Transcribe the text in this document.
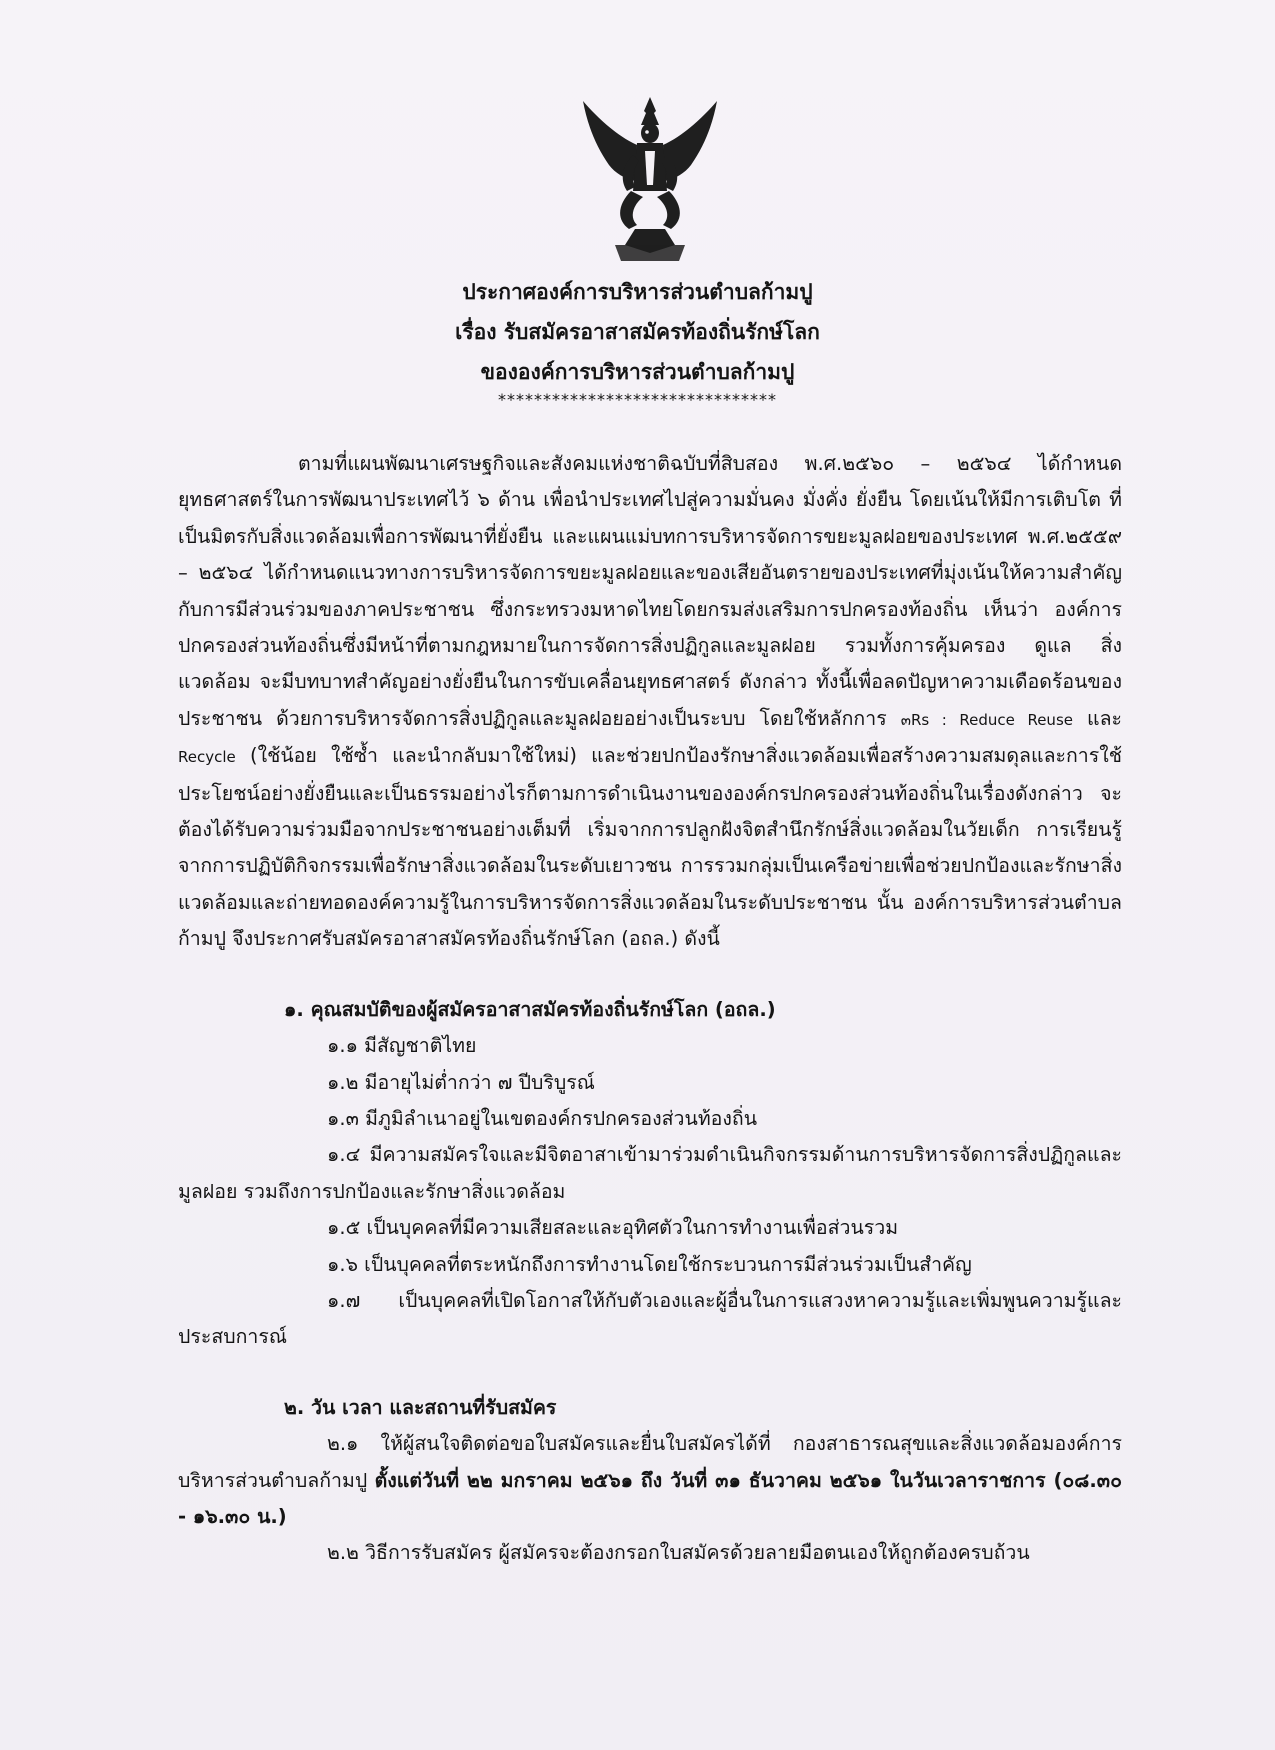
ประกาศองค์การบริหารส่วนตำบลก้ามปู
เรื่อง รับสมัครอาสาสมัครท้องถิ่นรักษ์โลก
ขององค์การบริหารส่วนตำบลก้ามปู
*******************************

ตามที่แผนพัฒนาเศรษฐกิจและสังคมแห่งชาติฉบับที่สิบสอง พ.ศ.๒๕๖๐ – ๒๕๖๔ ได้กำหนดยุทธศาสตร์ในการพัฒนาประเทศไว้ ๖ ด้าน เพื่อนำประเทศไปสู่ความมั่นคง มั่งคั่ง ยั่งยืน โดยเน้นให้มีการเติบโต ที่เป็นมิตรกับสิ่งแวดล้อมเพื่อการพัฒนาที่ยั่งยืน และแผนแม่บทการบริหารจัดการขยะมูลฝอยของประเทศ พ.ศ.๒๕๕๙ – ๒๕๖๔ ได้กำหนดแนวทางการบริหารจัดการขยะมูลฝอยและของเสียอันตรายของประเทศที่มุ่งเน้นให้ความสำคัญกับการมีส่วนร่วมของภาคประชาชน ซึ่งกระทรวงมหาดไทยโดยกรมส่งเสริมการปกครองท้องถิ่น เห็นว่า องค์การปกครองส่วนท้องถิ่นซึ่งมีหน้าที่ตามกฎหมายในการจัดการสิ่งปฏิกูลและมูลฝอย รวมทั้งการคุ้มครอง ดูแล สิ่งแวดล้อม จะมีบทบาทสำคัญอย่างยั่งยืนในการขับเคลื่อนยุทธศาสตร์ ดังกล่าว ทั้งนี้เพื่อลดปัญหาความเดือดร้อนของประชาชน ด้วยการบริหารจัดการสิ่งปฏิกูลและมูลฝอยอย่างเป็นระบบ โดยใช้หลักการ ๓Rs : Reduce Reuse และ Recycle (ใช้น้อย ใช้ซ้ำ และนำกลับมาใช้ใหม่) และช่วยปกป้องรักษาสิ่งแวดล้อมเพื่อสร้างความสมดุลและการใช้ประโยชน์อย่างยั่งยืนและเป็นธรรมอย่างไรก็ตามการดำเนินงานขององค์กรปกครองส่วนท้องถิ่นในเรื่องดังกล่าว จะต้องได้รับความร่วมมือจากประชาชนอย่างเต็มที่ เริ่มจากการปลูกฝังจิตสำนึกรักษ์สิ่งแวดล้อมในวัยเด็ก การเรียนรู้จากการปฏิบัติกิจกรรมเพื่อรักษาสิ่งแวดล้อมในระดับเยาวชน การรวมกลุ่มเป็นเครือข่ายเพื่อช่วยปกป้องและรักษาสิ่งแวดล้อมและถ่ายทอดองค์ความรู้ในการบริหารจัดการสิ่งแวดล้อมในระดับประชาชน นั้น องค์การบริหารส่วนตำบลก้ามปู จึงประกาศรับสมัครอาสาสมัครท้องถิ่นรักษ์โลก (อถล.) ดังนี้

๑. คุณสมบัติของผู้สมัครอาสาสมัครท้องถิ่นรักษ์โลก (อถล.)

๑.๑ มีสัญชาติไทย

๑.๒ มีอายุไม่ต่ำกว่า ๗ ปีบริบูรณ์

๑.๓ มีภูมิลำเนาอยู่ในเขตองค์กรปกครองส่วนท้องถิ่น

๑.๔ มีความสมัครใจและมีจิตอาสาเข้ามาร่วมดำเนินกิจกรรมด้านการบริหารจัดการสิ่งปฏิกูลและมูลฝอย รวมถึงการปกป้องและรักษาสิ่งแวดล้อม

๑.๕ เป็นบุคคลที่มีความเสียสละและอุทิศตัวในการทำงานเพื่อส่วนรวม

๑.๖ เป็นบุคคลที่ตระหนักถึงการทำงานโดยใช้กระบวนการมีส่วนร่วมเป็นสำคัญ

๑.๗ เป็นบุคคลที่เปิดโอกาสให้กับตัวเองและผู้อื่นในการแสวงหาความรู้และเพิ่มพูนความรู้และประสบการณ์

๒. วัน เวลา และสถานที่รับสมัคร

๒.๑ ให้ผู้สนใจติดต่อขอใบสมัครและยื่นใบสมัครได้ที่ กองสาธารณสุขและสิ่งแวดล้อมองค์การบริหารส่วนตำบลก้ามปู ตั้งแต่วันที่ ๒๒ มกราคม ๒๕๖๑ ถึง วันที่ ๓๑ ธันวาคม ๒๕๖๑ ในวันเวลาราชการ (๐๘.๓๐ - ๑๖.๓๐ น.)

๒.๒ วิธีการรับสมัคร ผู้สมัครจะต้องกรอกใบสมัครด้วยลายมือตนเองให้ถูกต้องครบถ้วน
